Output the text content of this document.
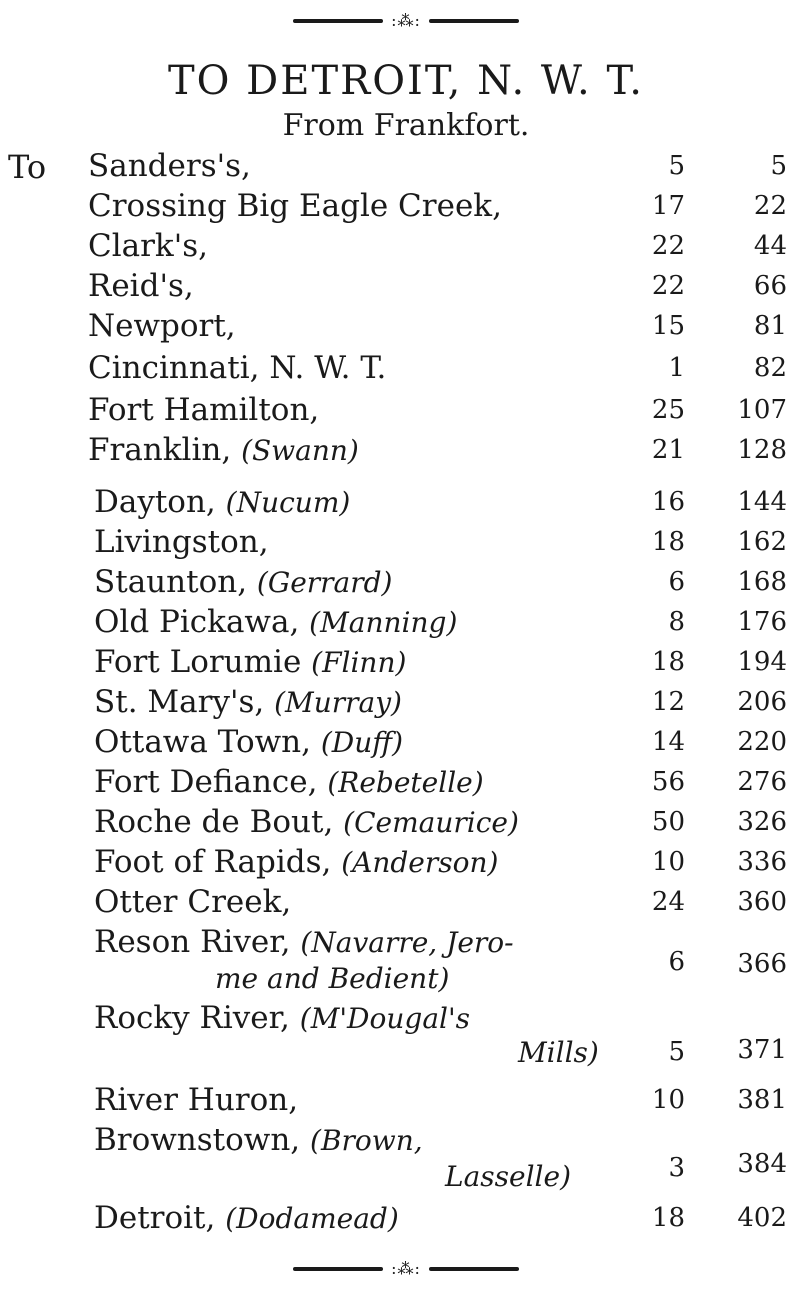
:⁂:
TO DETROIT, N. W. T.
From Frankfort.
To Sanders's,	5	5
Crossing Big Eagle Creek,	17	22
Clark's,	22	44
Reid's,	22	66
Newport,	15	81
Cincinnati, N. W. T.	1	82
Fort Hamilton,	25	107
Franklin, (Swann)	21	128
Dayton, (Nucum)	16	144
Livingston,	18	162
Staunton, (Gerrard)	6	168
Old Pickawa, (Manning)	8	176
Fort Lorumie (Flinn)	18	194
St. Mary's, (Murray)	12	206
Ottawa Town, (Duff)	14	220
Fort Defiance, (Rebetelle)	56	276
Roche de Bout, (Cemaurice)	50	326
Foot of Rapids, (Anderson)	10	336
Otter Creek,	24	360
Reson River, (Navarre, Jero-
me and Bedient)	6	366
Rocky River, (M'Dougal's
Mills)	5	371
River Huron,	10	381
Brownstown, (Brown,
Lasselle)	3	384
Detroit, (Dodamead)	18	402
:⁂:
